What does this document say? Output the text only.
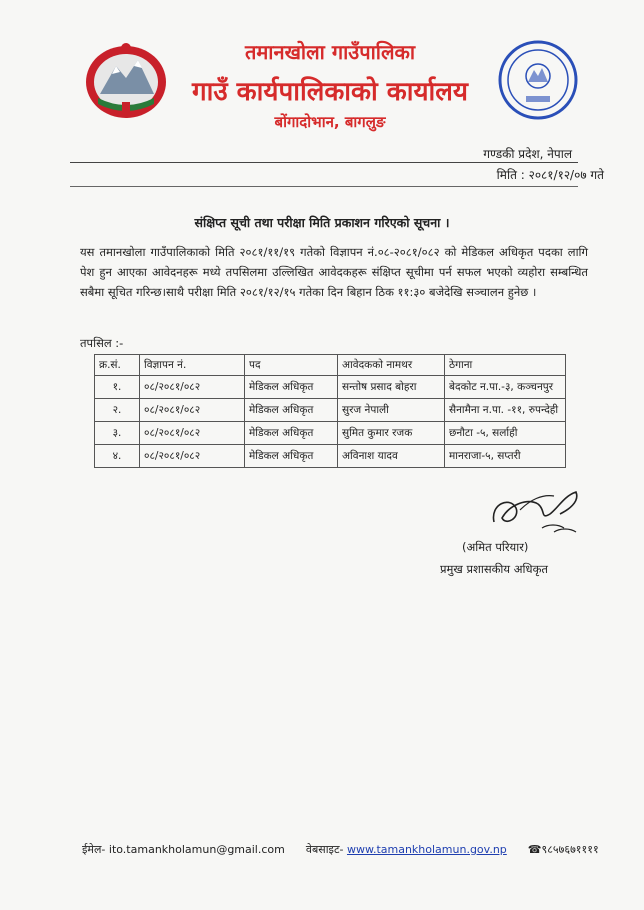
तमानखोला गाउँपालिका
गाउँ कार्यपालिकाको कार्यालय
बोंगादोभान, बागलुङ
गण्डकी प्रदेश, नेपाल
मिति : २०८१/१२/०७ गते
संक्षिप्त सूची तथा परीक्षा मिति प्रकाशन गरिएको सूचना ।
यस तमानखोला गाउँपालिकाको मिति २०८१/११/१९ गतेको विज्ञापन नं.०८-२०८१/०८२ को मेडिकल अधिकृत पदका लागि पेश हुन आएका आवेदनहरू मध्ये तपसिलमा उल्लिखित आवेदकहरू संक्षिप्त सूचीमा पर्न सफल भएको व्यहोरा सम्बन्धित सबैमा सूचित गरिन्छ।साथै परीक्षा मिति २०८१/१२/१५ गतेका दिन बिहान ठिक ११:३० बजेदेखि सञ्चालन हुनेछ ।
तपसिल :-
क्र.सं.	विज्ञापन नं.	पद	आवेदकको नामथर	ठेगाना
१.	०८/२०८१/०८२	मेडिकल अधिकृत	सन्तोष प्रसाद बोहरा	बेदकोट न.पा.-३, कञ्चनपुर
२.	०८/२०८१/०८२	मेडिकल अधिकृत	सुरज नेपाली	सैनामैना न.पा. -११, रुपन्देही
३.	०८/२०८१/०८२	मेडिकल अधिकृत	सुमित कुमार रजक	छनौटा -५, सर्लाही
४.	०८/२०८१/०८२	मेडिकल अधिकृत	अविनाश यादव	मानराजा-५, सप्तरी
(अमित परियार)
प्रमुख प्रशासकीय अधिकृत
ईमेल- ito.tamankholamun@gmail.com वेबसाइट- www.tamankholamun.gov.np ☎९८५७६७११११
